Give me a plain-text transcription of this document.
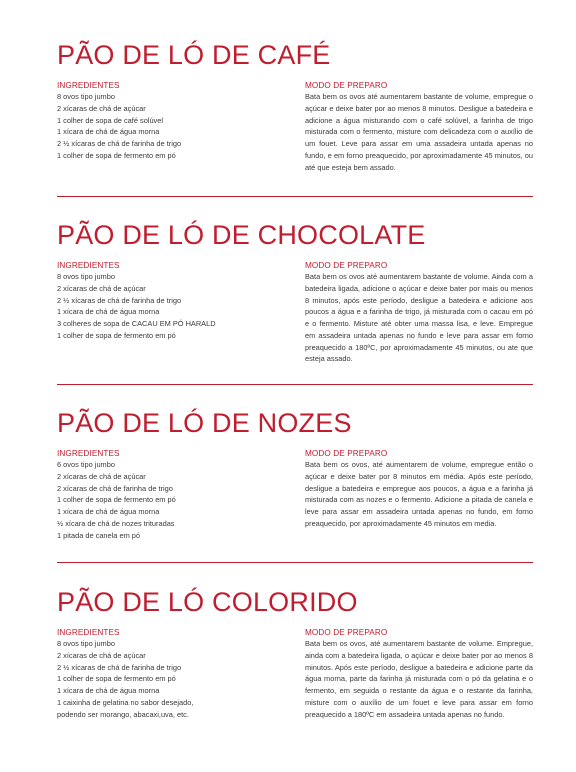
PÃO DE LÓ DE CAFÉ
INGREDIENTES
8 ovos tipo jumbo
2 xícaras de chá de açúcar
1 colher de sopa de café solúvel
1 xícara de chá de água morna
2 ½ xícaras de chá de farinha de trigo
1 colher de sopa de fermento em pó
MODO DE PREPARO
Bata bem os ovos até aumentarem bastante de volume, empregue o açúcar e deixe bater por ao menos 8 minutos. Desligue a batedeira e adicione a água misturando com o café solúvel, a farinha de trigo misturada com o fermento, misture com delicadeza com o auxílio de um fouet. Leve para assar em uma assadeira untada apenas no fundo, e em forno preaquecido, por aproximadamente 45 minutos, ou até que esteja bem assado.
PÃO DE LÓ DE CHOCOLATE
INGREDIENTES
8 ovos tipo jumbo
2 xícaras de chá de açúcar
2 ½ xícaras de chá de farinha de trigo
1 xícara de chá de água morna
3 colheres de sopa de CACAU EM PÓ HARALD
1 colher de sopa de fermento em pó
MODO DE PREPARO
Bata bem os ovos até aumentarem bastante de volume. Ainda com a batedeira ligada, adicione o açúcar e deixe bater por mais ou menos 8 minutos, após este período, desligue a batedeira e adicione aos poucos a água e a farinha de trigo, já misturada com o cacau em pó e o fermento. Misture até obter uma massa lisa, e leve. Empregue em assadeira untada apenas no fundo e leve para assar em forno preaquecido a 180ºC, por aproximadamente 45 minutos, ou ate que esteja assado.
PÃO DE LÓ DE NOZES
INGREDIENTES
6 ovos tipo jumbo
2 xícaras de chá de açúcar
2 xícaras de chá de farinha de trigo
1 colher de sopa de fermento em pó
1 xícara de chá de água morna
½ xícara de chá de nozes trituradas
1 pitada de canela em pó
MODO DE PREPARO
Bata bem os ovos, até aumentarem de volume, empregue então o açúcar e deixe bater por 8 minutos em média. Após este período, desligue a batedeira e empregue aos poucos, a água e a farinha já misturada com as nozes e o fermento. Adicione a pitada de canela e leve para assar em assadeira untada apenas no fundo, em forno preaquecido, por aproximadamente 45 minutos em media.
PÃO DE LÓ COLORIDO
INGREDIENTES
8 ovos tipo jumbo
2 xícaras de chá de açúcar
2 ½ xícaras de chá de farinha de trigo
1 colher de sopa de fermento em pó
1 xícara de chá de água morna
1 caixinha de gelatina no sabor desejado,
podendo ser morango, abacaxi,uva, etc.
MODO DE PREPARO
Bata bem os ovos, até aumentarem bastante de volume. Empregue, ainda com a batedeira ligada, o açúcar e deixe bater por ao menos 8 minutos. Após este período, desligue a batedeira e adicione parte da água morna, parte da farinha já misturada com o pó da gelatina e o fermento, em seguida o restante da água e o restante da farinha, misture com o auxílio de um fouet e leve para assar em forno preaquecido a 180ºC em assadeira untada apenas no fundo.
